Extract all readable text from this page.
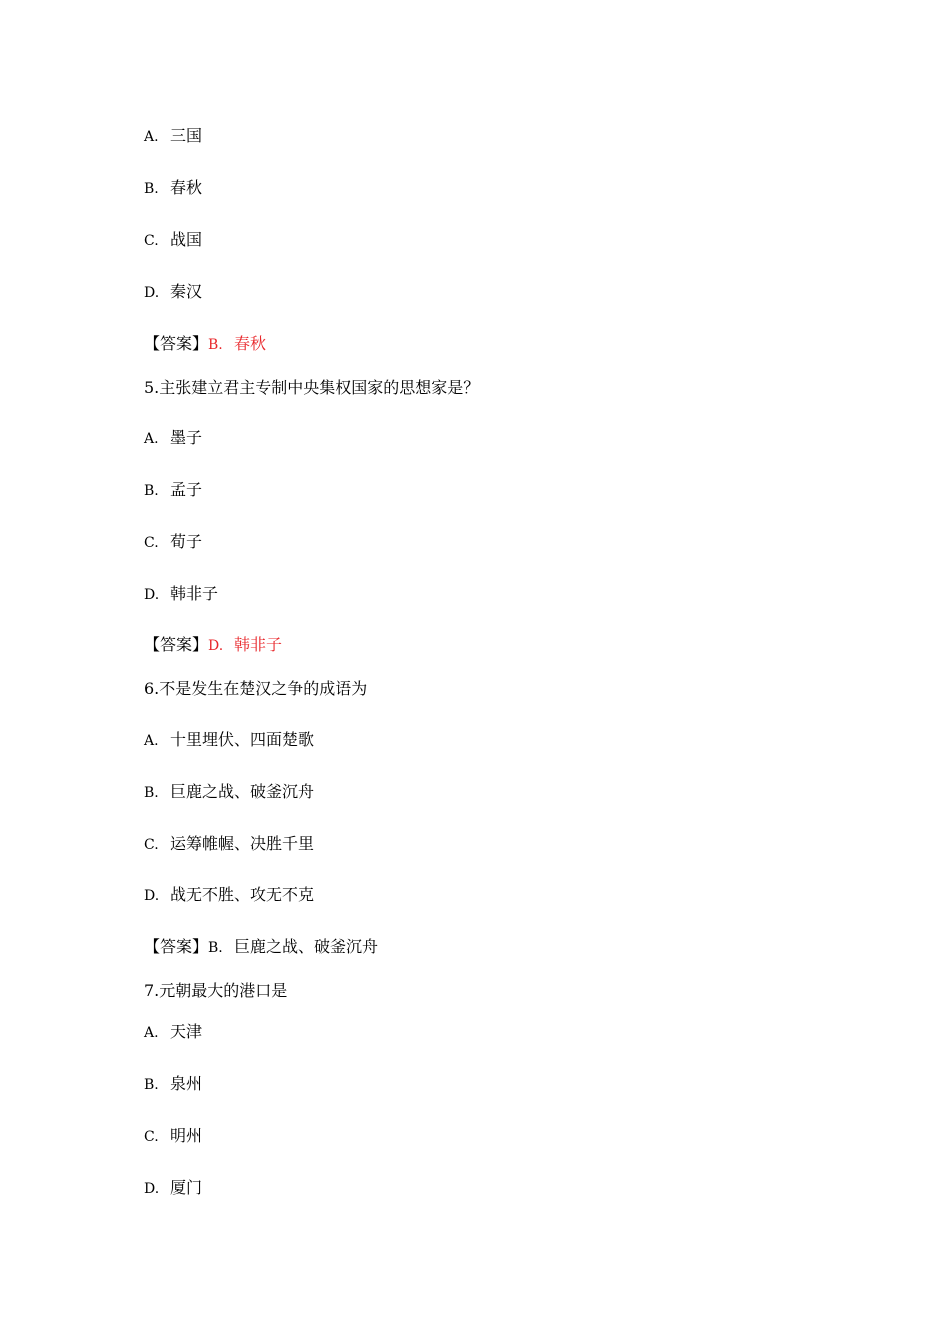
A. 三国
B. 春秋
C. 战国
D. 秦汉
【答案】B. 春秋
5.主张建立君主专制中央集权国家的思想家是？
A. 墨子
B. 孟子
C. 荀子
D. 韩非子
【答案】D. 韩非子
6.不是发生在楚汉之争的成语为
A. 十里埋伏、四面楚歌
B. 巨鹿之战、破釜沉舟
C. 运筹帷幄、决胜千里
D. 战无不胜、攻无不克
【答案】B. 巨鹿之战、破釜沉舟
7.元朝最大的港口是
A. 天津
B. 泉州
C. 明州
D. 厦门
